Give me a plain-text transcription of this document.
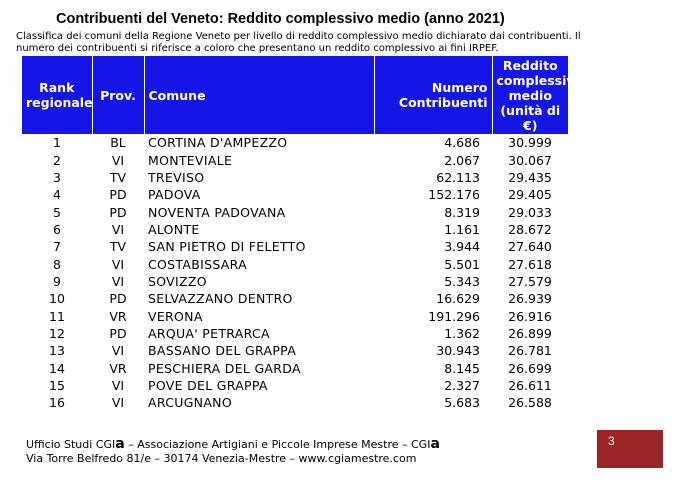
Contribuenti del Veneto: Reddito complessivo medio (anno 2021)
Classifica dei comuni della Regione Veneto per livello di reddito complessivo medio dichiarato dai contribuenti. Il numero dei contribuenti si riferisce a coloro che presentano un reddito complessivo ai fini IRPEF.
Rank regionale	Prov.	Comune	Numero Contribuenti	Reddito complessivo medio (unità di €)
1	BL	CORTINA D'AMPEZZO	4.686	30.999
2	VI	MONTEVIALE	2.067	30.067
3	TV	TREVISO	62.113	29.435
4	PD	PADOVA	152.176	29.405
5	PD	NOVENTA PADOVANA	8.319	29.033
6	VI	ALONTE	1.161	28.672
7	TV	SAN PIETRO DI FELETTO	3.944	27.640
8	VI	COSTABISSARA	5.501	27.618
9	VI	SOVIZZO	5.343	27.579
10	PD	SELVAZZANO DENTRO	16.629	26.939
11	VR	VERONA	191.296	26.916
12	PD	ARQUA' PETRARCA	1.362	26.899
13	VI	BASSANO DEL GRAPPA	30.943	26.781
14	VR	PESCHIERA DEL GARDA	8.145	26.699
15	VI	POVE DEL GRAPPA	2.327	26.611
16	VI	ARCUGNANO	5.683	26.588
Ufficio Studi CGIa – Associazione Artigiani e Piccole Imprese Mestre – CGIa
Via Torre Belfredo 81/e – 30174 Venezia-Mestre – www.cgiamestre.com
3
